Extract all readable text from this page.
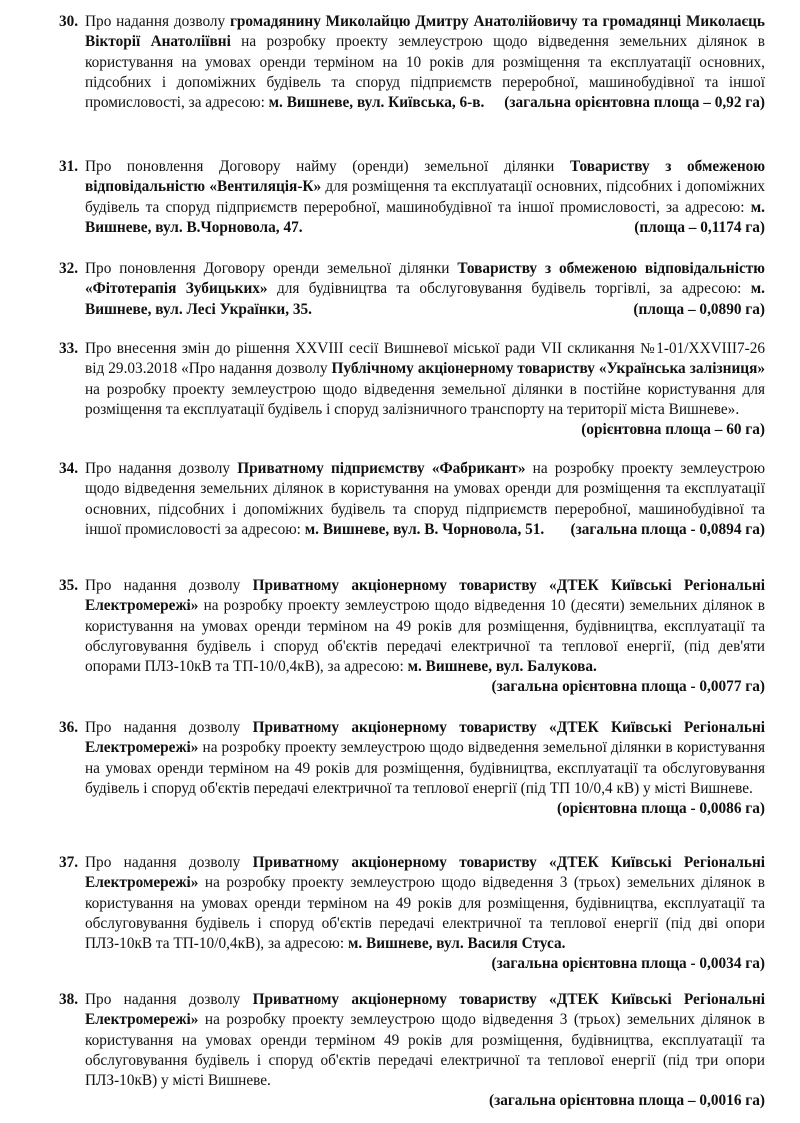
30. Про надання дозволу громадянину Миколайцю Дмитру Анатолійовичу та громадянці Миколаєць Вікторії Анатоліївні на розробку проекту землеустрою щодо відведення земельних ділянок в користування на умовах оренди терміном на 10 років для розміщення та експлуатації основних, підсобних і допоміжних будівель та споруд підприємств переробної, машинобудівної та іншої промисловості, за адресою: м. Вишневе, вул. Київська, 6-в. (загальна орієнтовна площа – 0,92 га)
31. Про поновлення Договору найму (оренди) земельної ділянки Товариству з обмеженою відповідальністю «Вентиляція-К» для розміщення та експлуатації основних, підсобних і допоміжних будівель та споруд підприємств переробної, машинобудівної та іншої промисловості, за адресою: м. Вишневе, вул. В.Чорновола, 47.	(площа – 0,1174 га)
32. Про поновлення Договору оренди земельної ділянки Товариству з обмеженою відповідальністю «Фітотерапія Зубицьких» для будівництва та обслуговування будівель торгівлі, за адресою: м. Вишневе, вул. Лесі Українки, 35.	(площа – 0,0890 га)
33. Про внесення змін до рішення XXVIII сесії Вишневої міської ради VII скликання №1-01/XXVIII7-26 від 29.03.2018 «Про надання дозволу Публічному акціонерному товариству «Українська залізниця» на розробку проекту землеустрою щодо відведення земельної ділянки в постійне користування для розміщення та експлуатації будівель і споруд залізничного транспорту на території міста Вишневе».
(орієнтовна площа – 60 га)
34. Про надання дозволу Приватному підприємству «Фабрикант» на розробку проекту землеустрою щодо відведення земельних ділянок в користування на умовах оренди для розміщення та експлуатації основних, підсобних і допоміжних будівель та споруд підприємств переробної, машинобудівної та іншої промисловості за адресою: м. Вишневе, вул. В. Чорновола, 51. (загальна площа - 0,0894 га)
35. Про надання дозволу Приватному акціонерному товариству «ДТЕК Київські Регіональні Електромережі» на розробку проекту землеустрою щодо відведення 10 (десяти) земельних ділянок в користування на умовах оренди терміном на 49 років для розміщення, будівництва, експлуатації та обслуговування будівель і споруд об'єктів передачі електричної та теплової енергії, (під дев'яти опорами ПЛЗ-10кВ та ТП-10/0,4кВ), за адресою: м. Вишневе, вул. Балукова.
(загальна орієнтовна площа - 0,0077 га)
36. Про надання дозволу Приватному акціонерному товариству «ДТЕК Київські Регіональні Електромережі» на розробку проекту землеустрою щодо відведення земельної ділянки в користування на умовах оренди терміном на 49 років для розміщення, будівництва, експлуатації та обслуговування будівель і споруд об'єктів передачі електричної та теплової енергії (під ТП 10/0,4 кВ) у місті Вишневе.
(орієнтовна площа - 0,0086 га)
37. Про надання дозволу Приватному акціонерному товариству «ДТЕК Київські Регіональні Електромережі» на розробку проекту землеустрою щодо відведення 3 (трьох) земельних ділянок в користування на умовах оренди терміном на 49 років для розміщення, будівництва, експлуатації та обслуговування будівель і споруд об'єктів передачі електричної та теплової енергії (під дві опори ПЛЗ-10кВ та ТП-10/0,4кВ), за адресою: м. Вишневе, вул. Василя Стуса.
(загальна орієнтовна площа - 0,0034 га)
38. Про надання дозволу Приватному акціонерному товариству «ДТЕК Київські Регіональні Електромережі» на розробку проекту землеустрою щодо відведення 3 (трьох) земельних ділянок в користування на умовах оренди терміном 49 років для розміщення, будівництва, експлуатації та обслуговування будівель і споруд об'єктів передачі електричної та теплової енергії (під три опори ПЛЗ-10кВ) у місті Вишневе.
(загальна орієнтовна площа – 0,0016 га)
